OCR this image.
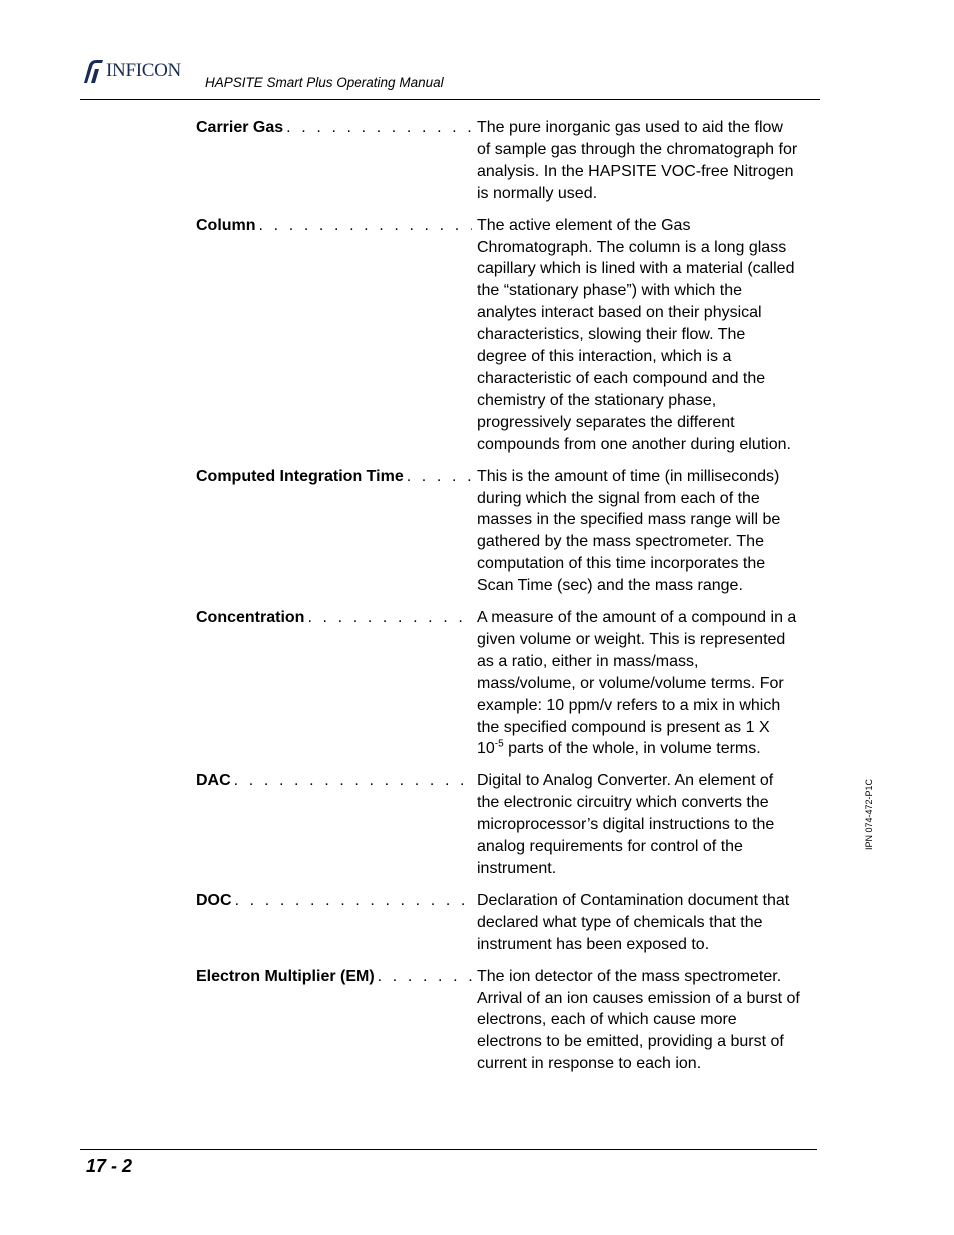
INFICON
HAPSITE Smart Plus Operating Manual
Carrier Gas . . .	The pure inorganic gas used to aid the flow

of sample gas through the chromatograph for

analysis. In the HAPSITE VOC-free Nitrogen

is normally used.

Column . . .	The active element of the Gas

Chromatograph. The column is a long glass

capillary which is lined with a material (called

the “stationary phase”) with which the

analytes interact based on their physical

characteristics, slowing their flow. The

degree of this interaction, which is a

characteristic of each compound and the

chemistry of the stationary phase,

progressively separates the different

compounds from one another during elution.

Computed Integration Time . . .	This is the amount of time (in milliseconds)

during which the signal from each of the

masses in the specified mass range will be

gathered by the mass spectrometer. The

computation of this time incorporates the

Scan Time (sec) and the mass range.

Concentration . . .	A measure of the amount of a compound in a

given volume or weight. This is represented

as a ratio, either in mass/mass,

mass/volume, or volume/volume terms. For

example: 10 ppm/v refers to a mix in which

the specified compound is present as 1 X

$10^{-5}$ parts of the whole, in volume terms.

DAC . . .	Digital to Analog Converter. An element of

the electronic circuitry which converts the

microprocessor’s digital instructions to the

analog requirements for control of the

instrument.

DOC . . .	Declaration of Contamination document that

declared what type of chemicals that the

instrument has been exposed to.

Electron Multiplier (EM) . . .	The ion detector of the mass spectrometer.

Arrival of an ion causes emission of a burst of

electrons, each of which cause more

electrons to be emitted, providing a burst of

current in response to each ion.

IPN 074-472-P1C
17 - 2
